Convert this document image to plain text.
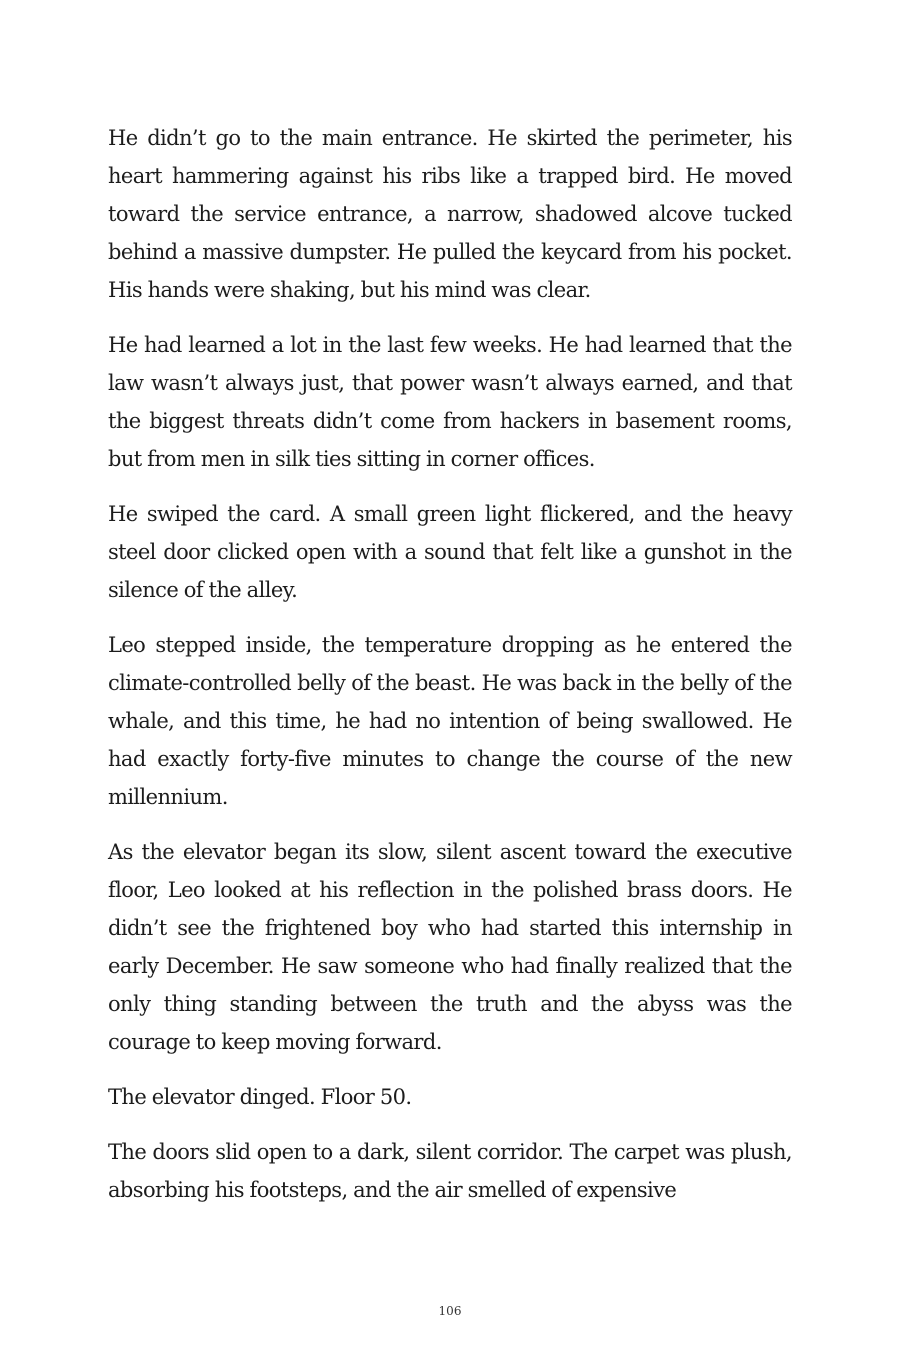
He didn’t go to the main entrance. He skirted the perimeter, his heart hammering against his ribs like a trapped bird. He moved toward the service entrance, a narrow, shadowed alcove tucked behind a massive dumpster. He pulled the keycard from his pocket. His hands were shaking, but his mind was clear.

He had learned a lot in the last few weeks. He had learned that the law wasn’t always just, that power wasn’t always earned, and that the biggest threats didn’t come from hackers in basement rooms, but from men in silk ties sitting in corner offices.

He swiped the card. A small green light flickered, and the heavy steel door clicked open with a sound that felt like a gunshot in the silence of the alley.

Leo stepped inside, the temperature dropping as he entered the climate-controlled belly of the beast. He was back in the belly of the whale, and this time, he had no intention of being swallowed. He had exactly forty-five minutes to change the course of the new millennium.

As the elevator began its slow, silent ascent toward the executive floor, Leo looked at his reflection in the polished brass doors. He didn’t see the frightened boy who had started this internship in early December. He saw someone who had finally realized that the only thing standing between the truth and the abyss was the courage to keep moving forward.

The elevator dinged. Floor 50.

The doors slid open to a dark, silent corridor. The carpet was plush, absorbing his footsteps, and the air smelled of expensive

106
